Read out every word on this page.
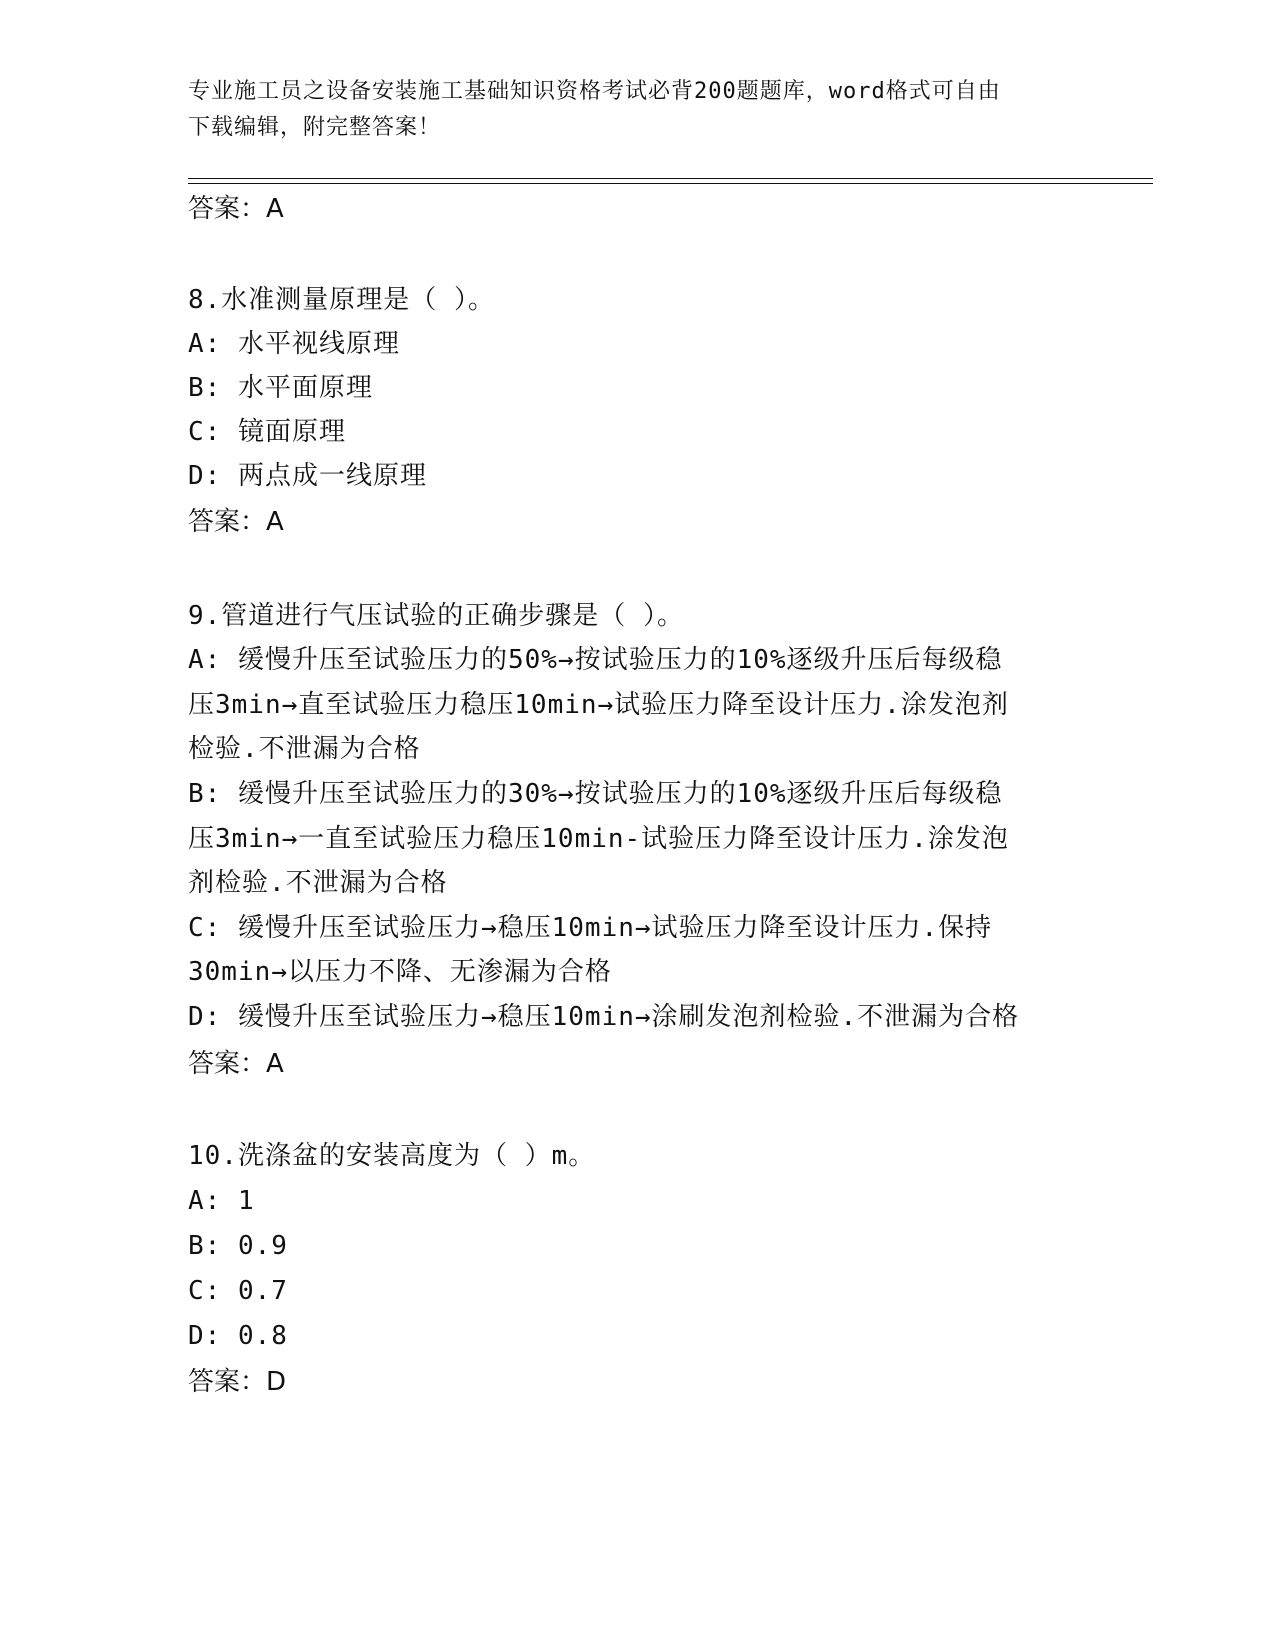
专业施工员之设备安装施工基础知识资格考试必背200题题库，word格式可自由
下载编辑，附完整答案！
答案：A
8.水准测量原理是（ ）。
A: 水平视线原理
B: 水平面原理
C: 镜面原理
D: 两点成一线原理
答案：A
9.管道进行气压试验的正确步骤是（ ）。
A: 缓慢升压至试验压力的50%→按试验压力的10%逐级升压后每级稳
压3min→直至试验压力稳压10min→试验压力降至设计压力.涂发泡剂
检验.不泄漏为合格
B: 缓慢升压至试验压力的30%→按试验压力的10%逐级升压后每级稳
压3min→一直至试验压力稳压10min-试验压力降至设计压力.涂发泡
剂检验.不泄漏为合格
C: 缓慢升压至试验压力→稳压10min→试验压力降至设计压力.保持
30min→以压力不降、无渗漏为合格
D: 缓慢升压至试验压力→稳压10min→涂刷发泡剂检验.不泄漏为合格
答案：A
10.洗涤盆的安装高度为（ ）m。
A: 1
B: 0.9
C: 0.7
D: 0.8
答案：D
